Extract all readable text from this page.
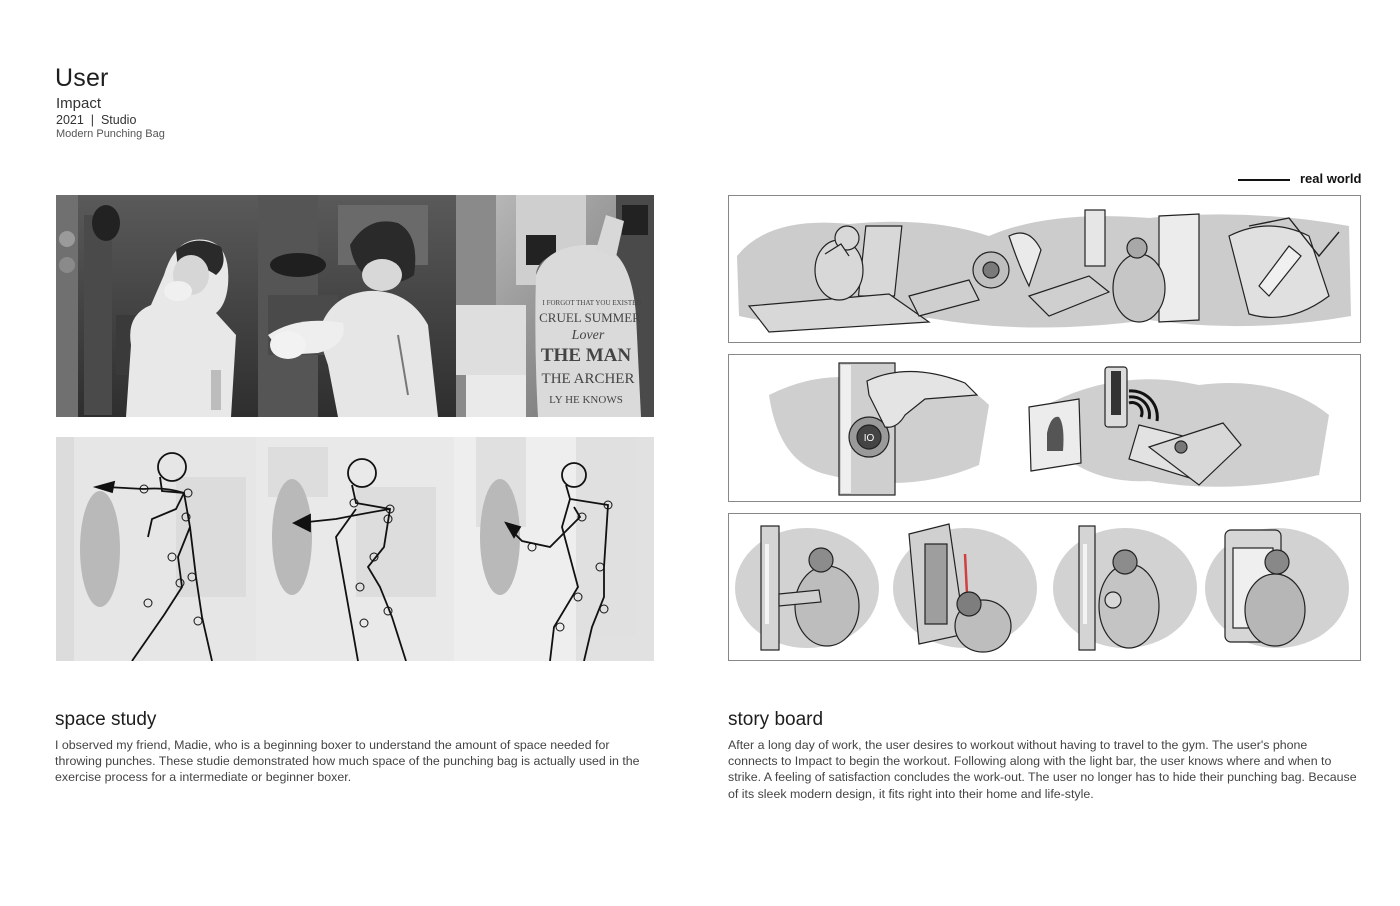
User
Impact
2021  |  Studio
Modern Punching Bag
real world
I FORGOT THAT YOU EXISTED
CRUEL SUMMER
Lover
THE MAN
THE ARCHER
LY HE KNOWS
IO
space study
I observed my friend, Madie, who is a beginning boxer to understand the amount of space needed for throwing punches. These studie demonstrated how much space of the punching bag is actually used in the exercise process for a intermediate or beginner boxer.
story board
After a long day of work, the user desires to workout without having to travel to the gym. The user's phone connects to Impact to begin the workout. Following along with the light bar, the user knows where and when to strike. A feeling of satisfaction concludes the work-out. The user no longer has to hide their punching bag. Because of its sleek modern design, it fits right into their home and life-style.
